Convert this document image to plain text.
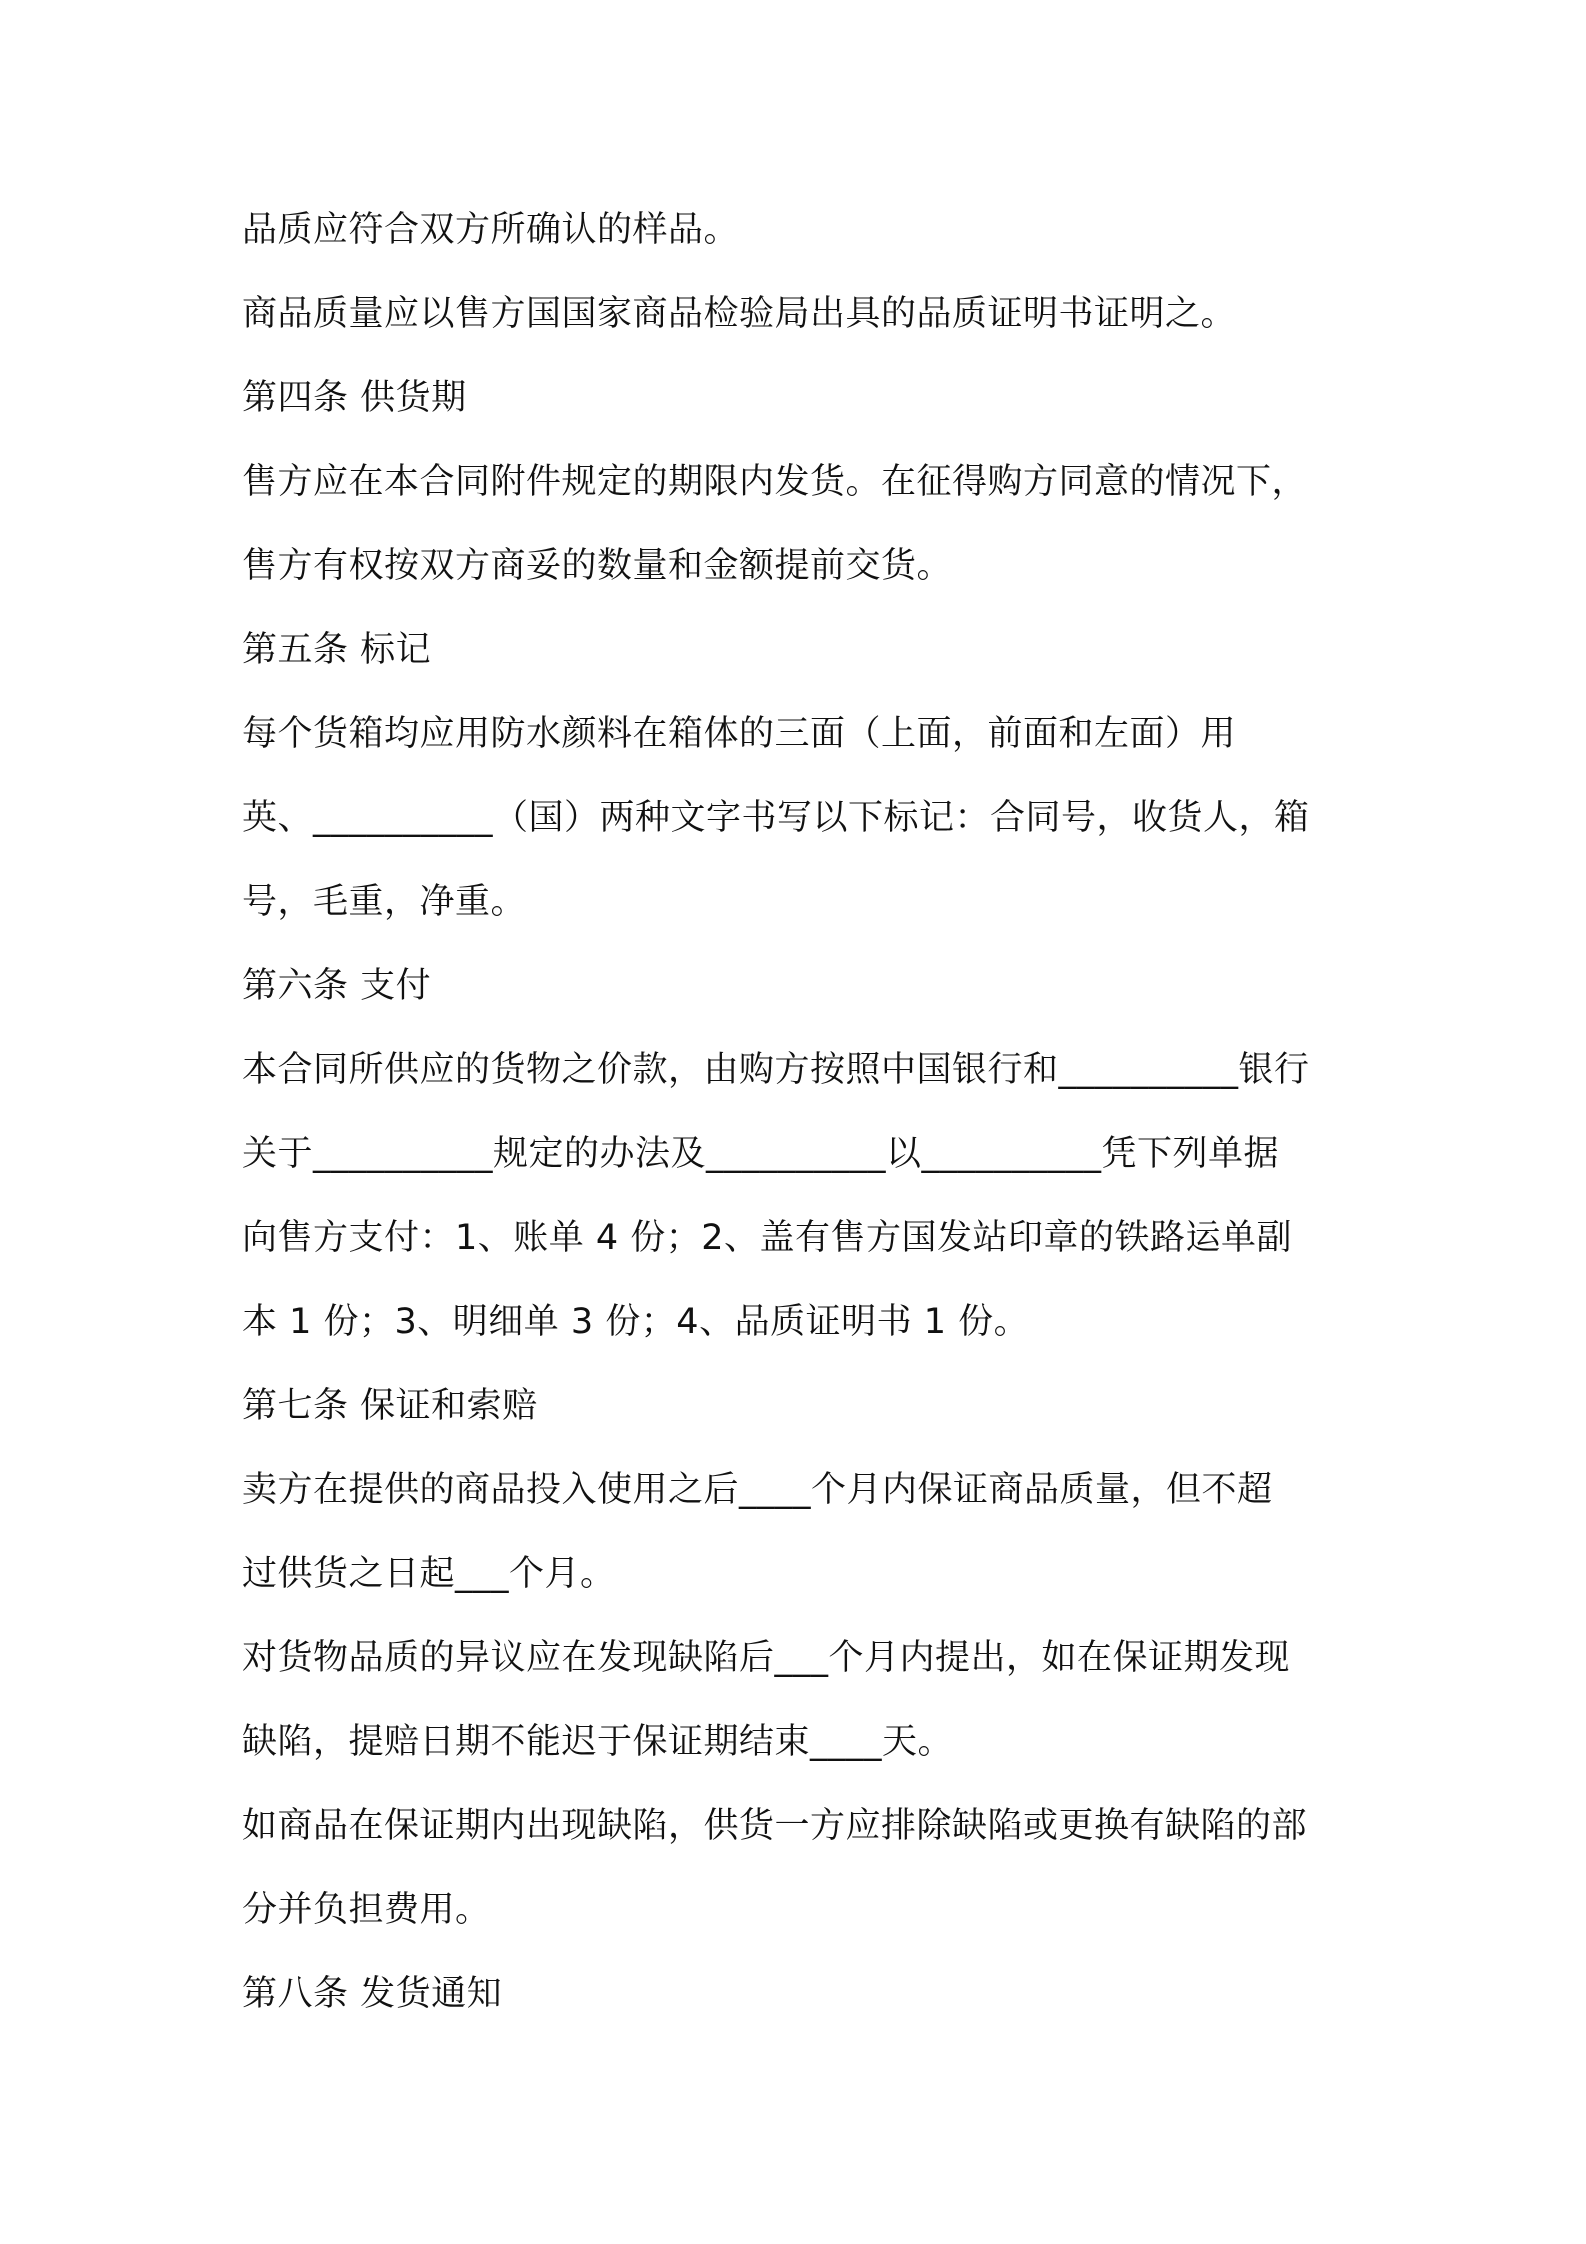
品质应符合双方所确认的样品。
商品质量应以售方国国家商品检验局出具的品质证明书证明之。
第四条 供货期
售方应在本合同附件规定的期限内发货。在征得购方同意的情况下，
售方有权按双方商妥的数量和金额提前交货。
第五条 标记
每个货箱均应用防水颜料在箱体的三面（上面，前面和左面）用
英、__________（国）两种文字书写以下标记：合同号，收货人，箱
号，毛重，净重。
第六条 支付
本合同所供应的货物之价款，由购方按照中国银行和__________银行
关于__________规定的办法及__________以__________凭下列单据
向售方支付：1、账单 4 份；2、盖有售方国发站印章的铁路运单副
本 1 份；3、明细单 3 份；4、品质证明书 1 份。
第七条 保证和索赔
卖方在提供的商品投入使用之后____个月内保证商品质量，但不超
过供货之日起___个月。
对货物品质的异议应在发现缺陷后___个月内提出，如在保证期发现
缺陷，提赔日期不能迟于保证期结束____天。
如商品在保证期内出现缺陷，供货一方应排除缺陷或更换有缺陷的部
分并负担费用。
第八条 发货通知
